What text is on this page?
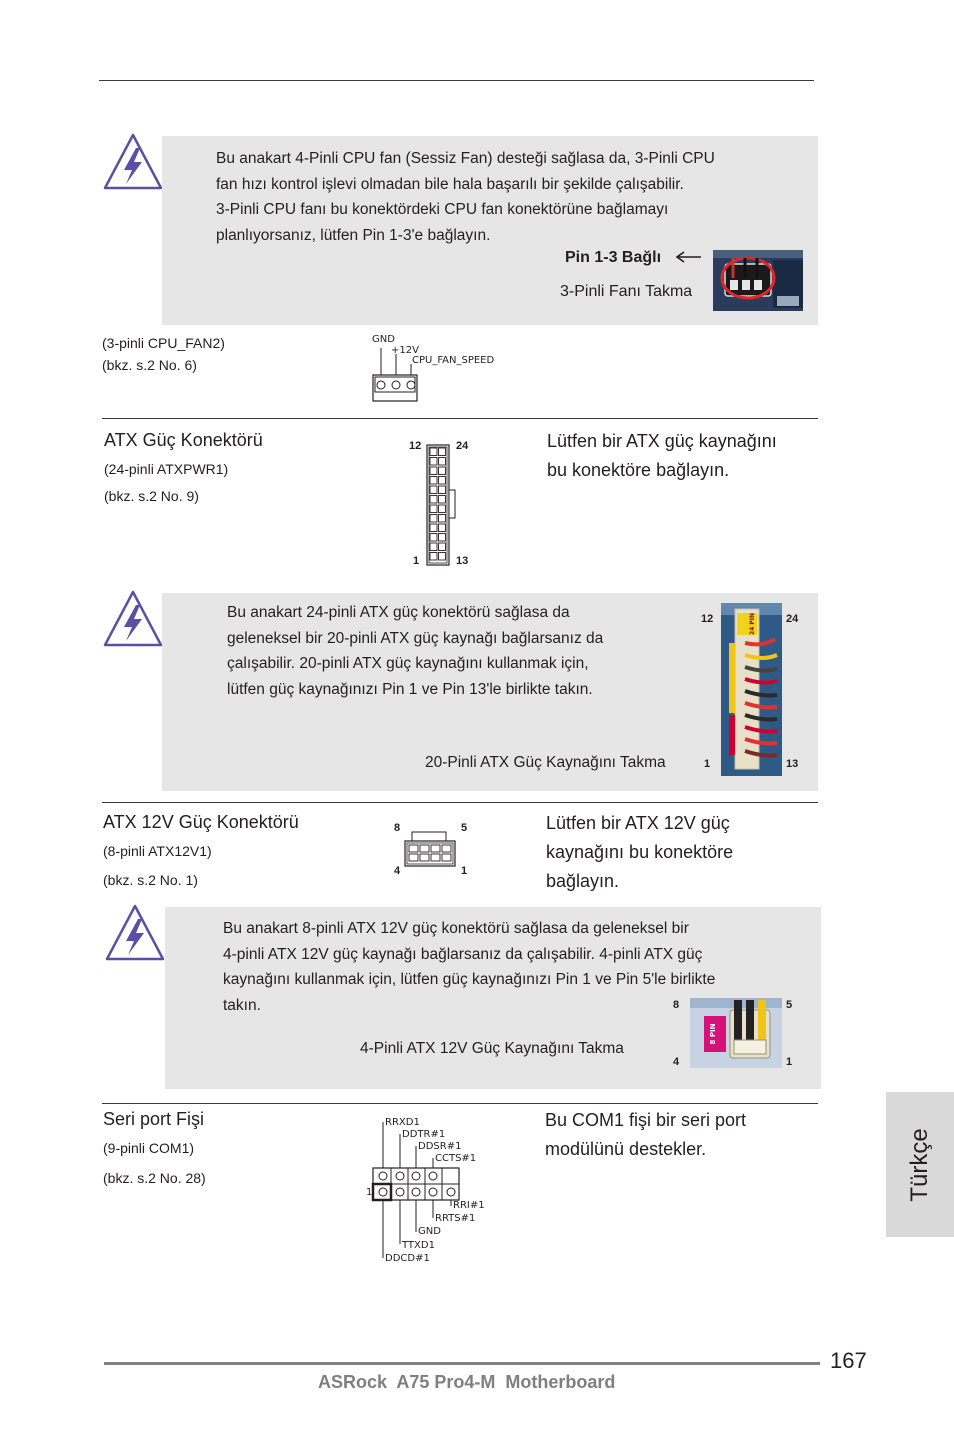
Bu anakart 4-Pinli CPU fan (Sessiz Fan) desteği sağlasa da, 3-Pinli CPU
fan hızı kontrol işlevi olmadan bile hala başarılı bir şekilde çalışabilir.
3-Pinli CPU fanı bu konektördeki CPU fan konektörüne bağlamayı
planlıyorsanız, lütfen Pin 1-3'e bağlayın.
Pin 1-3 Bağlı
3-Pinli Fanı Takma
(3-pinli CPU_FAN2)
(bkz. s.2 No. 6)
GND
+12V
CPU_FAN_SPEED
ATX Güç Konektörü
(24-pinli ATXPWR1)
(bkz. s.2 No. 9)
12	24
1	13
Lütfen bir ATX güç kaynağını
bu konektöre bağlayın.
Bu anakart 24-pinli ATX güç konektörü sağlasa da
geleneksel bir 20-pinli ATX güç kaynağı bağlarsanız da
çalışabilir. 20-pinli ATX güç kaynağını kullanmak için,
lütfen güç kaynağınızı Pin 1 ve Pin 13'le birlikte takın.
20-Pinli ATX Güç Kaynağını Takma
12	24
1	13
24 PIN
ATX 12V Güç Konektörü
(8-pinli ATX12V1)
(bkz. s.2 No. 1)
8	5
4	1
Lütfen bir ATX 12V güç
kaynağını bu konektöre
bağlayın.
Bu anakart 8-pinli ATX 12V güç konektörü sağlasa da geleneksel bir
4-pinli ATX 12V güç kaynağı bağlarsanız da çalışabilir. 4-pinli ATX güç
kaynağını kullanmak için, lütfen güç kaynağınızı Pin 1 ve Pin 5'le birlikte
takın.
4-Pinli ATX 12V Güç Kaynağını Takma
8	5
4	1
8 PIN
Seri port Fişi
(9-pinli COM1)
(bkz. s.2 No. 28)
Bu COM1 fişi bir seri port
modülünü destekler.
1
RRXD1
DDTR#1
DDSR#1
CCTS#1
RRI#1
RRTS#1
GND
TTXD1
DDCD#1
Türkçe
167
ASRock  A75 Pro4-M  Motherboard
